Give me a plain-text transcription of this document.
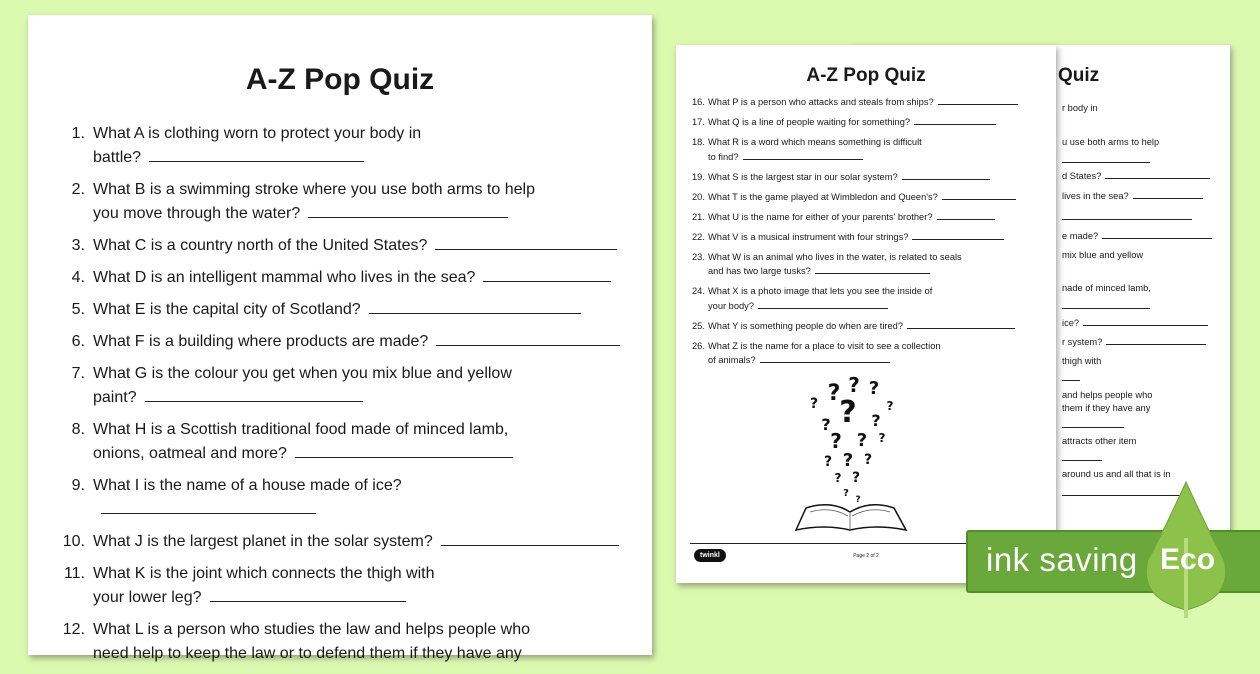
A-Z Pop Quiz
1. What A is clothing worn to protect your body in
battle?
2. What B is a swimming stroke where you use both arms to help
you move through the water?
3. What C is a country north of the United States?
4. What D is an intelligent mammal who lives in the sea?
5. What E is the capital city of Scotland?
6. What F is a building where products are made?
7. What G is the colour you get when you mix blue and yellow
paint?
8. What H is a Scottish traditional food made of minced lamb,
onions, oatmeal and more?
9. What I is the name of a house made of ice?
10. What J is the largest planet in the solar system?
11. What K is the joint which connects the thigh with
your lower leg?
12. What L is a person who studies the law and helps people who
need help to keep the law or to defend them if they have any
Quiz
r body in
u use both arms to help
d States?
lives in the sea?
e made?
mix blue and yellow
nade of minced lamb,
ice?
r system?
thigh with
and helps people who
them if they have any
attracts other item
around us and all that is in
A-Z Pop Quiz
16. What P is a person who attacks and steals from ships?
17. What Q is a line of people waiting for something?
18. What R is a word which means something is difficult
to find?
19. What S is the largest star in our solar system?
20. What T is the game played at Wimbledon and Queen's?
21. What U is the name for either of your parents' brother?
22. What V is a musical instrument with four strings?
23. What W is an animal who lives in the water, is related to seals
and has two large tusks?
24. What X is a photo image that lets you see the inside of
your body?
25. What Y is something people do when are tired?
26. What Z is the name for a place to visit to see a collection
of animals?
? ? ?
?	?
?
?	?
? ? ?
? ? ?
? ?
?
?
twinkl	Page 2 of 2	ink saving Eco
